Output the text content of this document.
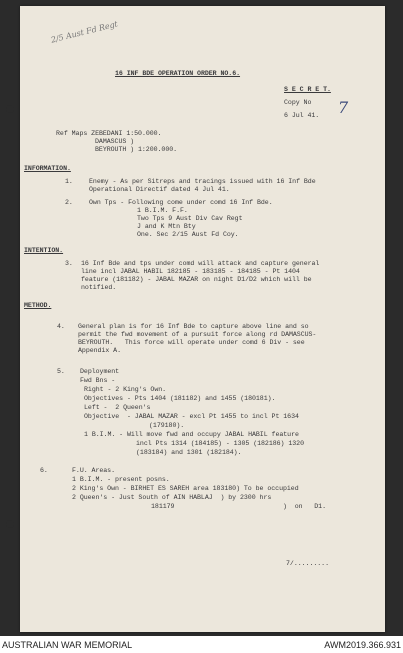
2/5 Aust Fd Regt
16 INF BDE OPERATION ORDER NO.6.
S E C R E T.
Copy No 7
6 Jul 41.
Ref Maps ZEBEDANI 1:50.000.
DAMASCUS )
BEYROUTH ) 1:200.000.
INFORMATION.
1. Enemy - As per Sitreps and tracings issued with 16 Inf Bde
Operational Directif dated 4 Jul 41.
2. Own Tps - Following come under comd 16 Inf Bde.
1 B.I.M. F.F.
Two Tps 9 Aust Div Cav Regt
J and K Mtn Bty
One. Sec 2/15 Aust Fd Coy.
INTENTION.
3. 16 Inf Bde and tps under comd will attack and capture general
line incl JABAL HABIL 182185 - 183185 - 184185 - Pt 1404
feature (181182) - JABAL MAZAR on night D1/D2 which will be
notified.
METHOD.
4. General plan is for 16 Inf Bde to capture above line and so
permit the fwd movement of a pursuit force along rd DAMASCUS-
BEYROUTH.   This force will operate under comd 6 Div - see
Appendix A.
5. Deployment
Fwd Bns -
Right - 2 King's Own.
Objectives - Pts 1404 (181182) and 1455 (180181).
Left -  2 Queen's
Objective  - JABAL MAZAR - excl Pt 1455 to incl Pt 1634
(179180).
1 B.I.M. - Will move fwd and occupy JABAL HABIL feature
incl Pts 1314 (184185) - 1305 (182186) 1320
(183184) and 1301 (182184).
6.	F.U. Areas.
1 B.I.M. - present posns.
2 King's Own - BIRHET ES SAREH area 183180) To be occupied
2 Queen's - Just South of AIN HABLAJ  ) by 2300 hrs
181179	)  on   D1.
7/.........
AUSTRALIAN WAR MEMORIAL	AWM2019.366.931
